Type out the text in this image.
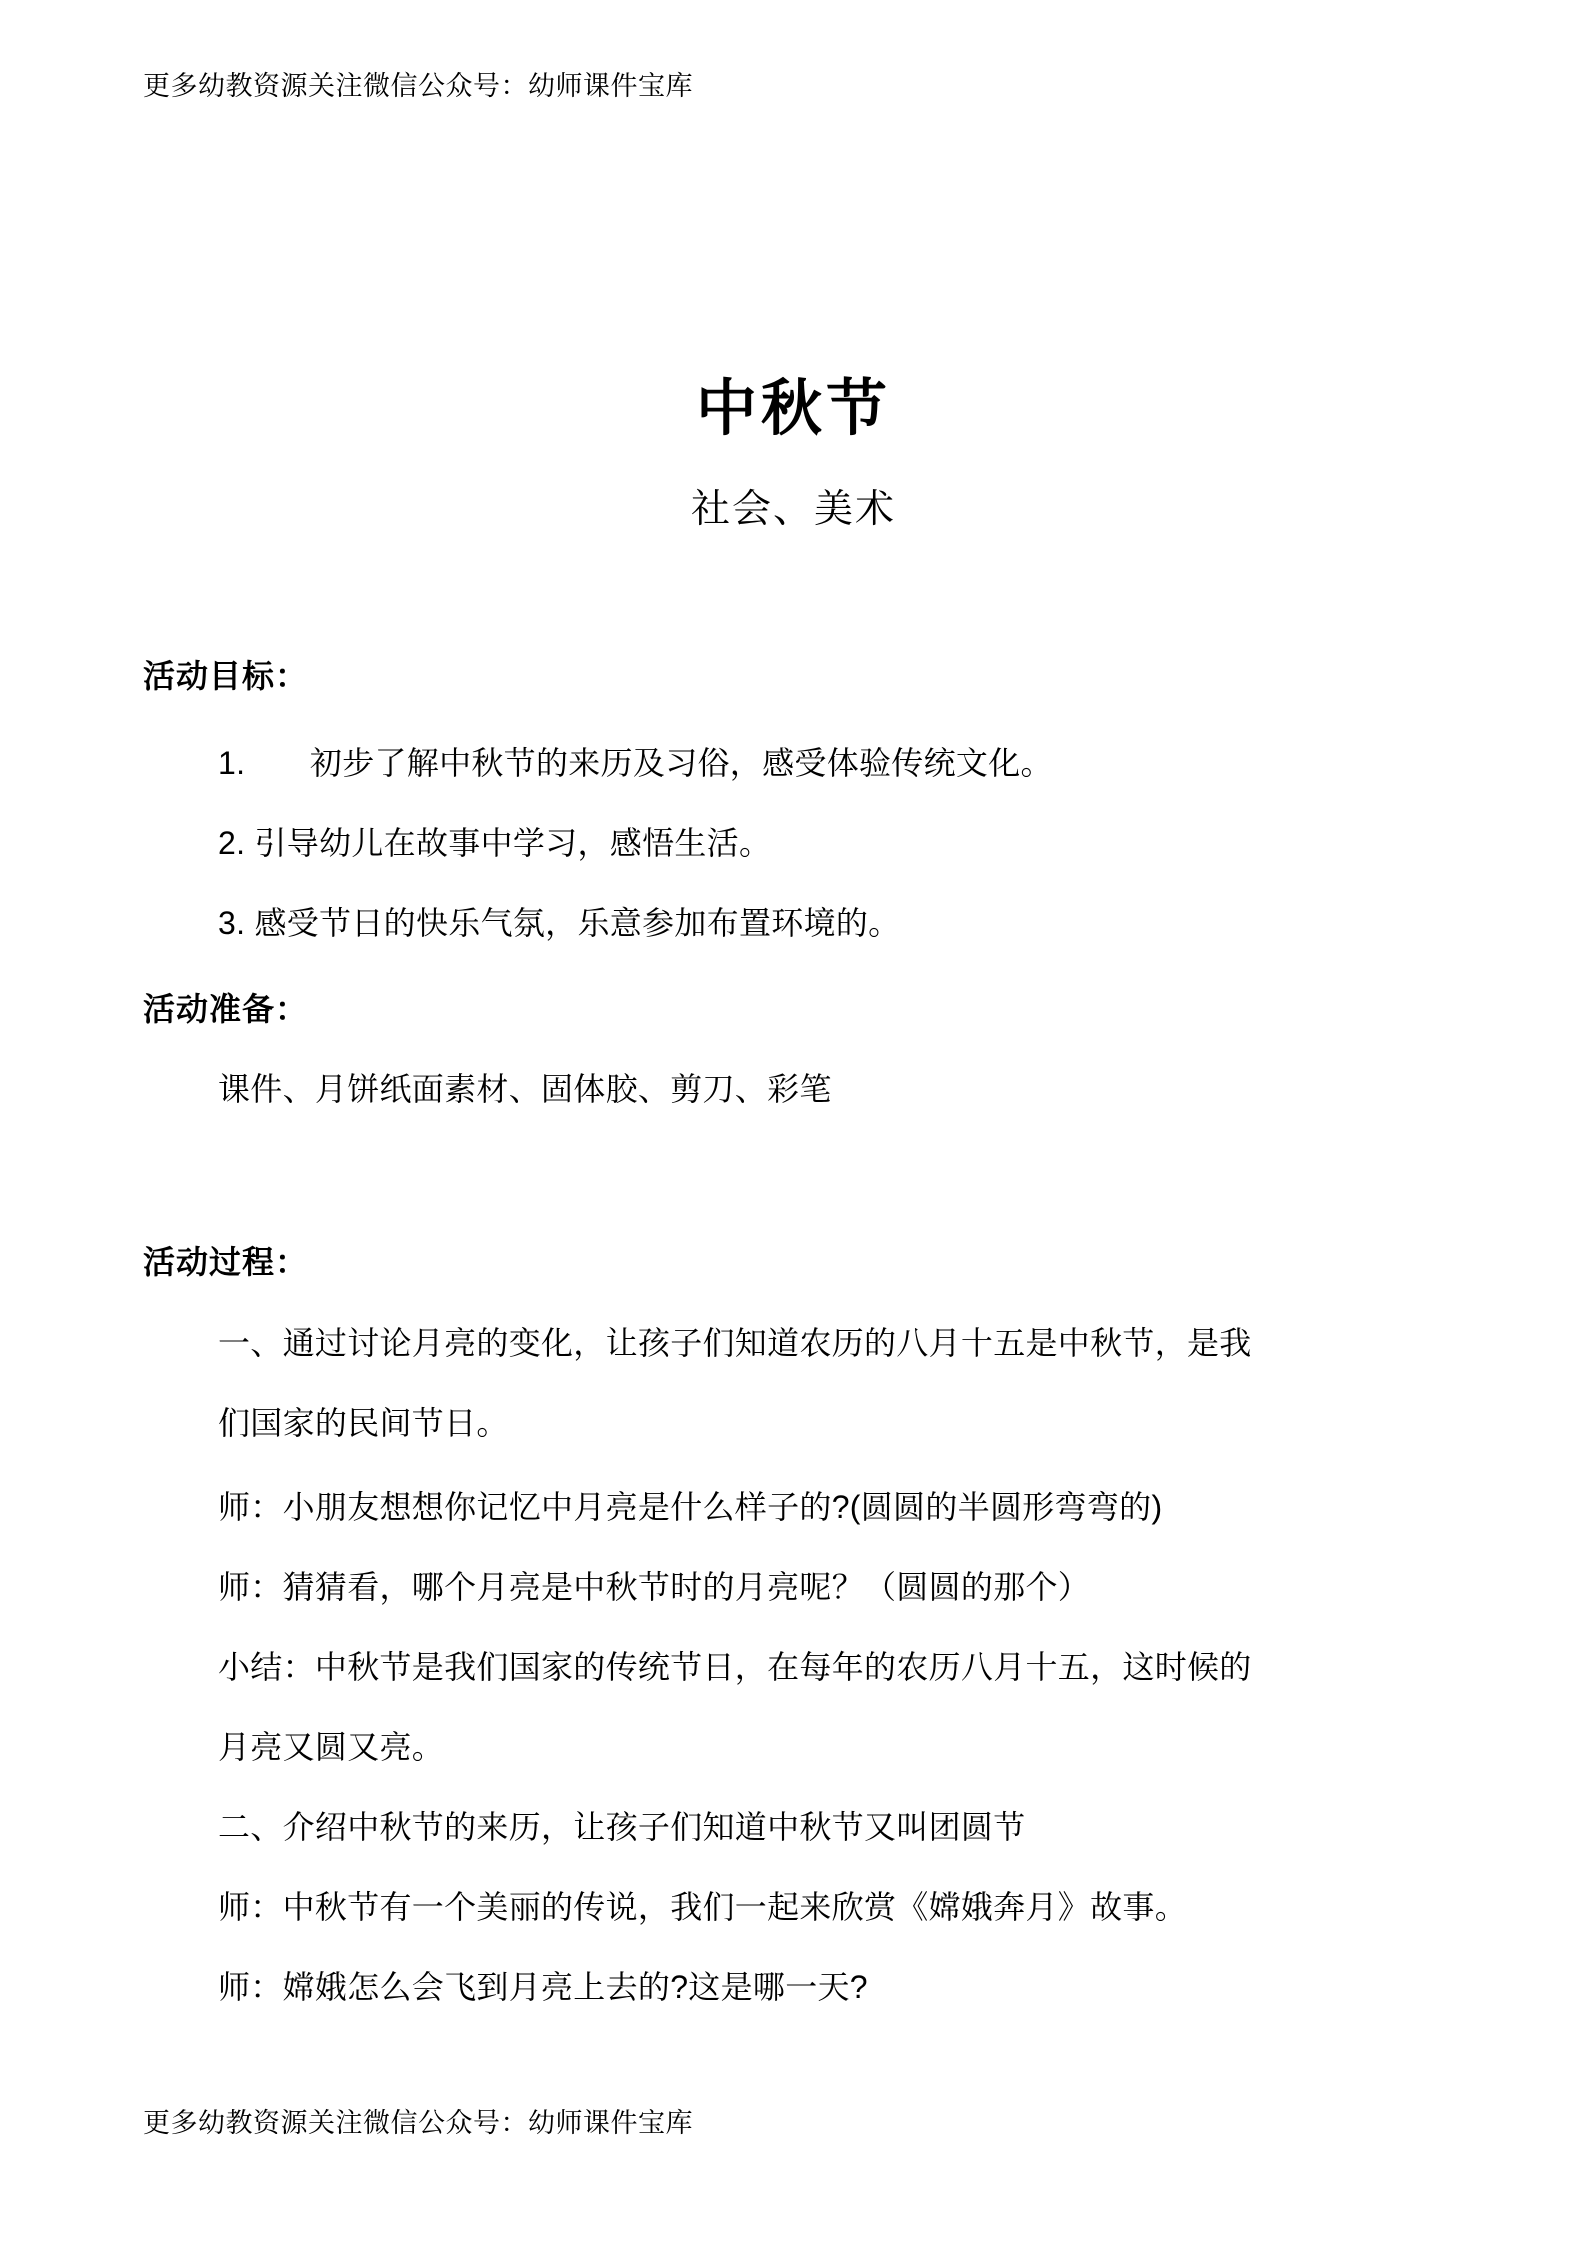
更多幼教资源关注微信公众号：幼师课件宝库
中秋节
社会、美术
活动目标：
1.　　初步了解中秋节的来历及习俗，感受体验传统文化。
2. 引导幼儿在故事中学习，感悟生活。
3. 感受节日的快乐气氛，乐意参加布置环境的。
活动准备：
课件、月饼纸面素材、固体胶、剪刀、彩笔
活动过程：
一、通过讨论月亮的变化，让孩子们知道农历的八月十五是中秋节，是我
们国家的民间节日。
师：小朋友想想你记忆中月亮是什么样子的?(圆圆的半圆形弯弯的)
师：猜猜看，哪个月亮是中秋节时的月亮呢？（圆圆的那个）
小结：中秋节是我们国家的传统节日，在每年的农历八月十五，这时候的
月亮又圆又亮。
二、介绍中秋节的来历，让孩子们知道中秋节又叫团圆节
师：中秋节有一个美丽的传说，我们一起来欣赏《嫦娥奔月》故事。
师：嫦娥怎么会飞到月亮上去的?这是哪一天?
更多幼教资源关注微信公众号：幼师课件宝库
